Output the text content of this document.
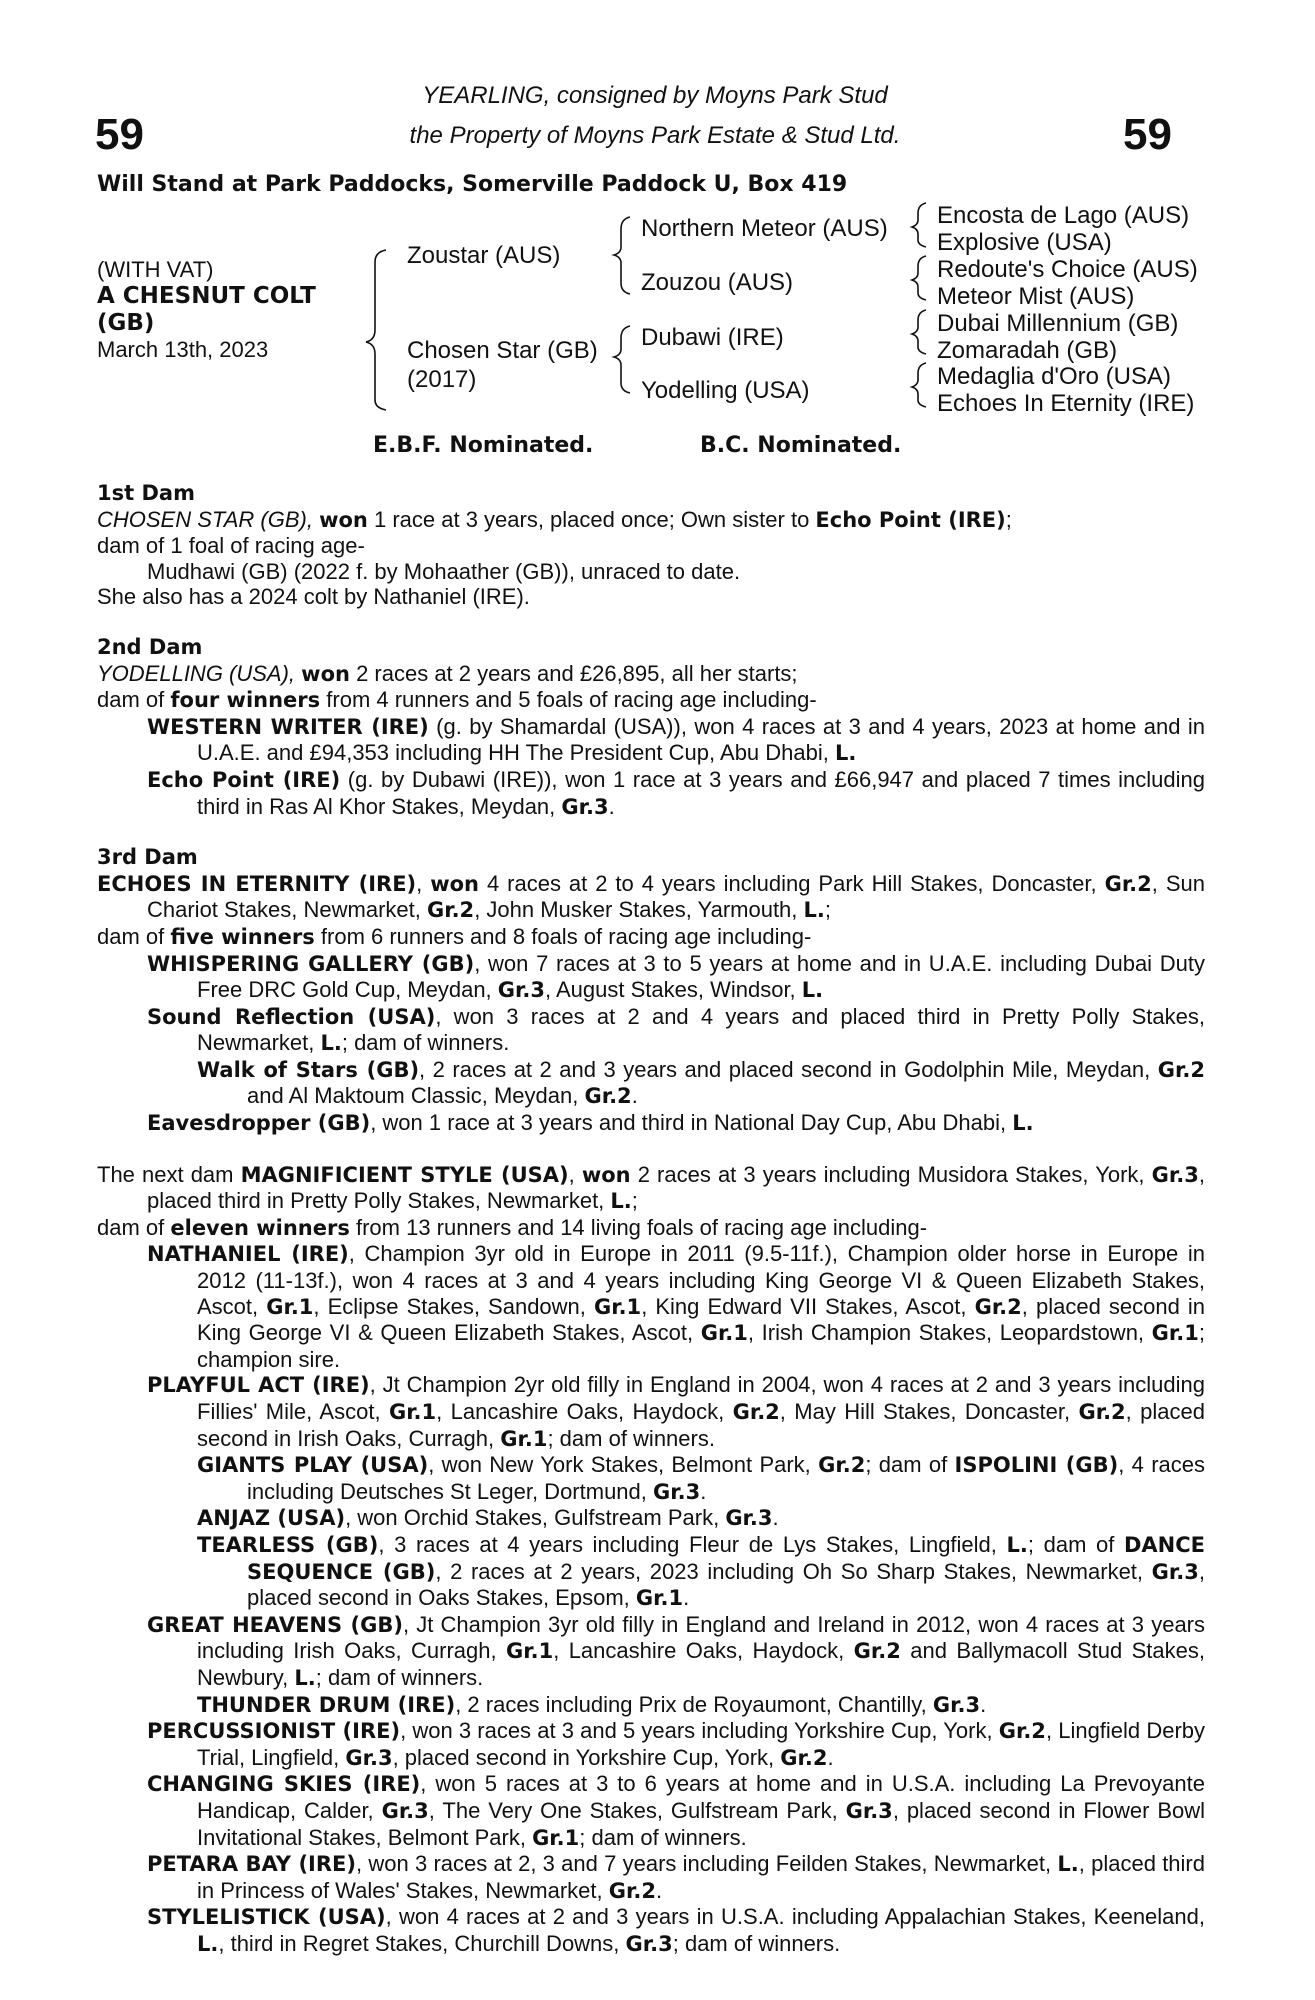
59	59
YEARLING, consigned by Moyns Park Stud
the Property of Moyns Park Estate & Stud Ltd.
Will Stand at Park Paddocks, Somerville Paddock U, Box 419
(WITH VAT)
A CHESNUT COLT
(GB)
March 13th, 2023
Zoustar (AUS)
Chosen Star (GB)
(2017)
Northern Meteor (AUS)
Zouzou (AUS)
Dubawi (IRE)
Yodelling (USA)
Encosta de Lago (AUS)
Explosive (USA)
Redoute's Choice (AUS)
Meteor Mist (AUS)
Dubai Millennium (GB)
Zomaradah (GB)
Medaglia d'Oro (USA)
Echoes In Eternity (IRE)
E.B.F. Nominated.	B.C. Nominated.

1st Dam

CHOSEN STAR (GB), won 1 race at 3 years, placed once; Own sister to Echo Point (IRE);

dam of 1 foal of racing age-

Mudhawi (GB) (2022 f. by Mohaather (GB)), unraced to date.

She also has a 2024 colt by Nathaniel (IRE).

2nd Dam

YODELLING (USA), won 2 races at 2 years and £26,895, all her starts;

dam of four winners from 4 runners and 5 foals of racing age including-

WESTERN WRITER (IRE) (g. by Shamardal (USA)), won 4 races at 3 and 4 years, 2023 at home and in U.A.E. and £94,353 including HH The President Cup, Abu Dhabi, L.

Echo Point (IRE) (g. by Dubawi (IRE)), won 1 race at 3 years and £66,947 and placed 7 times including third in Ras Al Khor Stakes, Meydan, Gr.3.

3rd Dam

ECHOES IN ETERNITY (IRE), won 4 races at 2 to 4 years including Park Hill Stakes, Doncaster, Gr.2, Sun Chariot Stakes, Newmarket, Gr.2, John Musker Stakes, Yarmouth, L.;

dam of five winners from 6 runners and 8 foals of racing age including-

WHISPERING GALLERY (GB), won 7 races at 3 to 5 years at home and in U.A.E. including Dubai Duty Free DRC Gold Cup, Meydan, Gr.3, August Stakes, Windsor, L.

Sound Reflection (USA), won 3 races at 2 and 4 years and placed third in Pretty Polly Stakes, Newmarket, L.; dam of winners.

Walk of Stars (GB), 2 races at 2 and 3 years and placed second in Godolphin Mile, Meydan, Gr.2 and Al Maktoum Classic, Meydan, Gr.2.

Eavesdropper (GB), won 1 race at 3 years and third in National Day Cup, Abu Dhabi, L.

The next dam MAGNIFICIENT STYLE (USA), won 2 races at 3 years including Musidora Stakes, York, Gr.3, placed third in Pretty Polly Stakes, Newmarket, L.;

dam of eleven winners from 13 runners and 14 living foals of racing age including-

NATHANIEL (IRE), Champion 3yr old in Europe in 2011 (9.5-11f.), Champion older horse in Europe in 2012 (11-13f.), won 4 races at 3 and 4 years including King George VI & Queen Elizabeth Stakes, Ascot, Gr.1, Eclipse Stakes, Sandown, Gr.1, King Edward VII Stakes, Ascot, Gr.2, placed second in King George VI & Queen Elizabeth Stakes, Ascot, Gr.1, Irish Champion Stakes, Leopardstown, Gr.1; champion sire.

PLAYFUL ACT (IRE), Jt Champion 2yr old filly in England in 2004, won 4 races at 2 and 3 years including Fillies' Mile, Ascot, Gr.1, Lancashire Oaks, Haydock, Gr.2, May Hill Stakes, Doncaster, Gr.2, placed second in Irish Oaks, Curragh, Gr.1; dam of winners.

GIANTS PLAY (USA), won New York Stakes, Belmont Park, Gr.2; dam of ISPOLINI (GB), 4 races including Deutsches St Leger, Dortmund, Gr.3.

ANJAZ (USA), won Orchid Stakes, Gulfstream Park, Gr.3.

TEARLESS (GB), 3 races at 4 years including Fleur de Lys Stakes, Lingfield, L.; dam of DANCE SEQUENCE (GB), 2 races at 2 years, 2023 including Oh So Sharp Stakes, Newmarket, Gr.3, placed second in Oaks Stakes, Epsom, Gr.1.

GREAT HEAVENS (GB), Jt Champion 3yr old filly in England and Ireland in 2012, won 4 races at 3 years including Irish Oaks, Curragh, Gr.1, Lancashire Oaks, Haydock, Gr.2 and Ballymacoll Stud Stakes, Newbury, L.; dam of winners.

THUNDER DRUM (IRE), 2 races including Prix de Royaumont, Chantilly, Gr.3.

PERCUSSIONIST (IRE), won 3 races at 3 and 5 years including Yorkshire Cup, York, Gr.2, Lingfield Derby Trial, Lingfield, Gr.3, placed second in Yorkshire Cup, York, Gr.2.

CHANGING SKIES (IRE), won 5 races at 3 to 6 years at home and in U.S.A. including La Prevoyante Handicap, Calder, Gr.3, The Very One Stakes, Gulfstream Park, Gr.3, placed second in Flower Bowl Invitational Stakes, Belmont Park, Gr.1; dam of winners.

PETARA BAY (IRE), won 3 races at 2, 3 and 7 years including Feilden Stakes, Newmarket, L., placed third in Princess of Wales' Stakes, Newmarket, Gr.2.

STYLELISTICK (USA), won 4 races at 2 and 3 years in U.S.A. including Appalachian Stakes, Keeneland, L., third in Regret Stakes, Churchill Downs, Gr.3; dam of winners.
